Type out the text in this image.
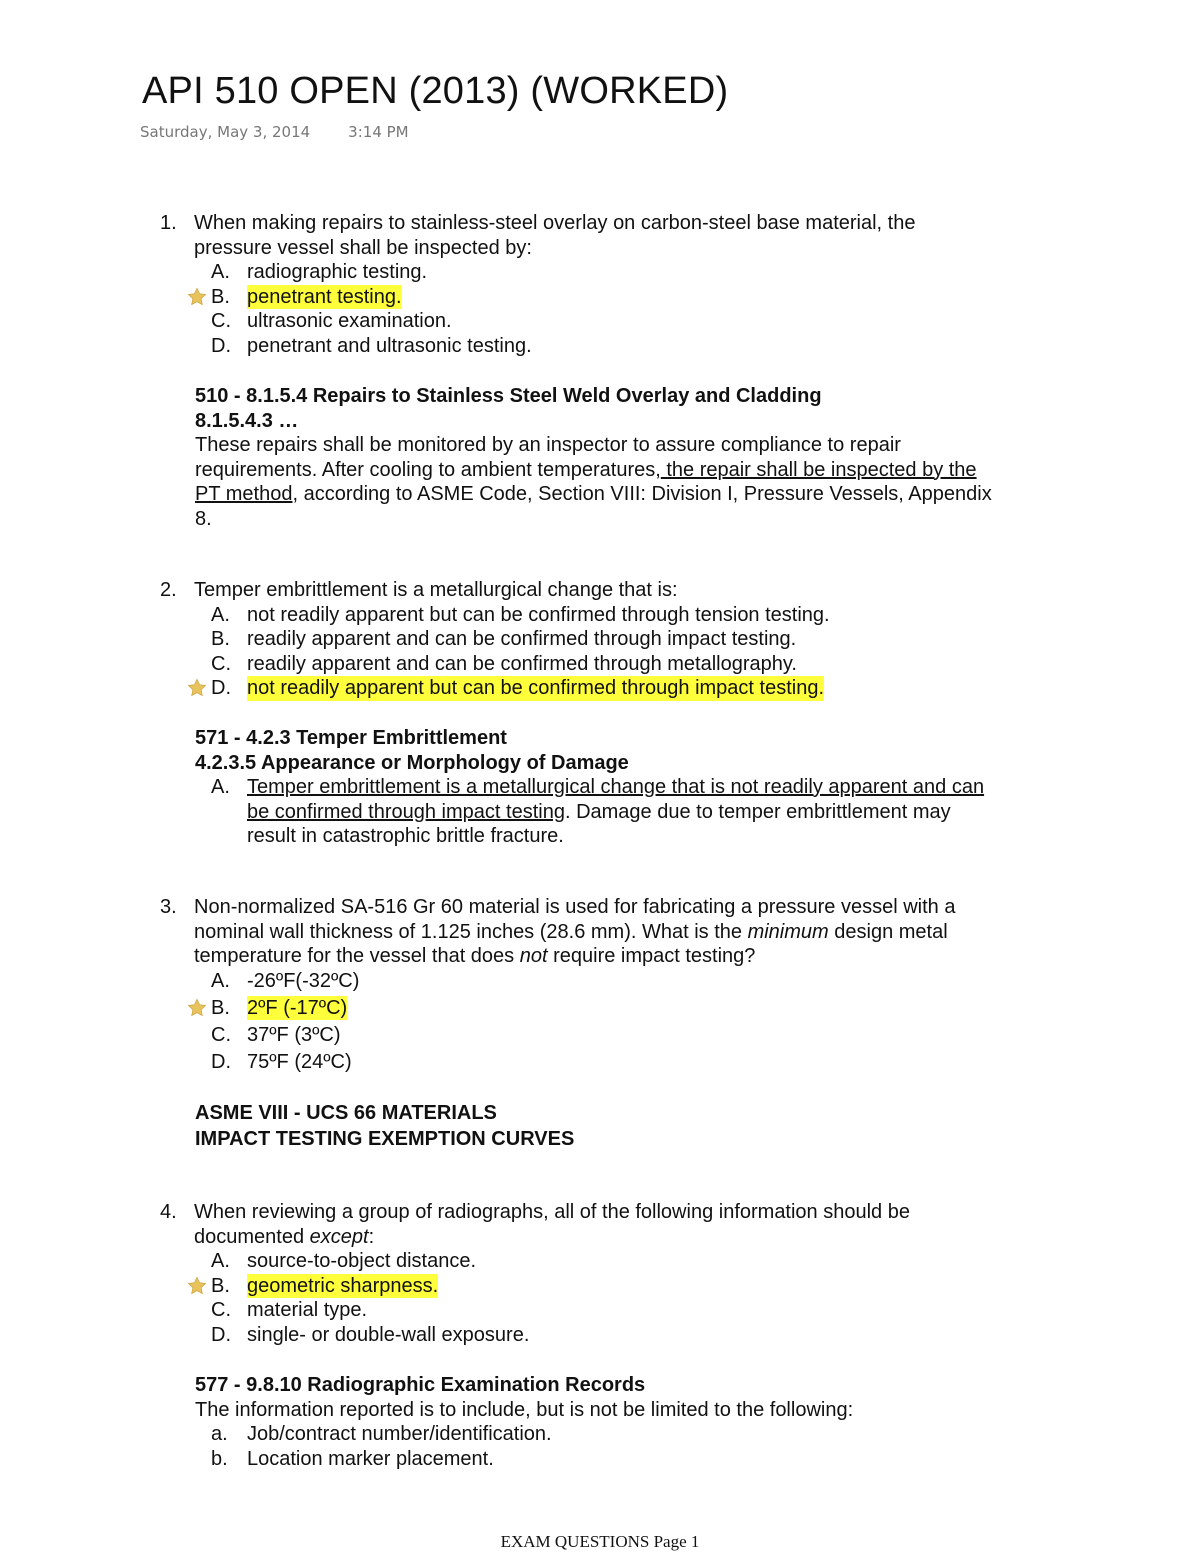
API 510 OPEN (2013) (WORKED)
Saturday, May 3, 2014	3:14 PM
1. When making repairs to stainless-steel overlay on carbon-steel base material, the
pressure vessel shall be inspected by:
A. radiographic testing.
B. penetrant testing.
C. ultrasonic examination.
D. penetrant and ultrasonic testing.
510 - 8.1.5.4 Repairs to Stainless Steel Weld Overlay and Cladding
8.1.5.4.3 …
These repairs shall be monitored by an inspector to assure compliance to repair
requirements. After cooling to ambient temperatures, the repair shall be inspected by the
PT method, according to ASME Code, Section VIII: Division I, Pressure Vessels, Appendix
8.
2. Temper embrittlement is a metallurgical change that is:
A. not readily apparent but can be confirmed through tension testing.
B. readily apparent and can be confirmed through impact testing.
C. readily apparent and can be confirmed through metallography.
D. not readily apparent but can be confirmed through impact testing.
571 - 4.2.3 Temper Embrittlement
4.2.3.5 Appearance or Morphology of Damage
A. Temper embrittlement is a metallurgical change that is not readily apparent and can
be confirmed through impact testing. Damage due to temper embrittlement may
result in catastrophic brittle fracture.
3. Non-normalized SA-516 Gr 60 material is used for fabricating a pressure vessel with a
nominal wall thickness of 1.125 inches (28.6 mm). What is the minimum design metal
temperature for the vessel that does not require impact testing?
A. -26ºF(-32ºC)
B. 2ºF (-17ºC)
C. 37ºF (3ºC)
D. 75ºF (24ºC)
ASME VIII - UCS 66 MATERIALS
IMPACT TESTING EXEMPTION CURVES
4. When reviewing a group of radiographs, all of the following information should be
documented except:
A. source-to-object distance.
B. geometric sharpness.
C. material type.
D. single- or double-wall exposure.
577 - 9.8.10 Radiographic Examination Records
The information reported is to include, but is not be limited to the following:
a. Job/contract number/identification.
b. Location marker placement.
EXAM QUESTIONS Page 1
